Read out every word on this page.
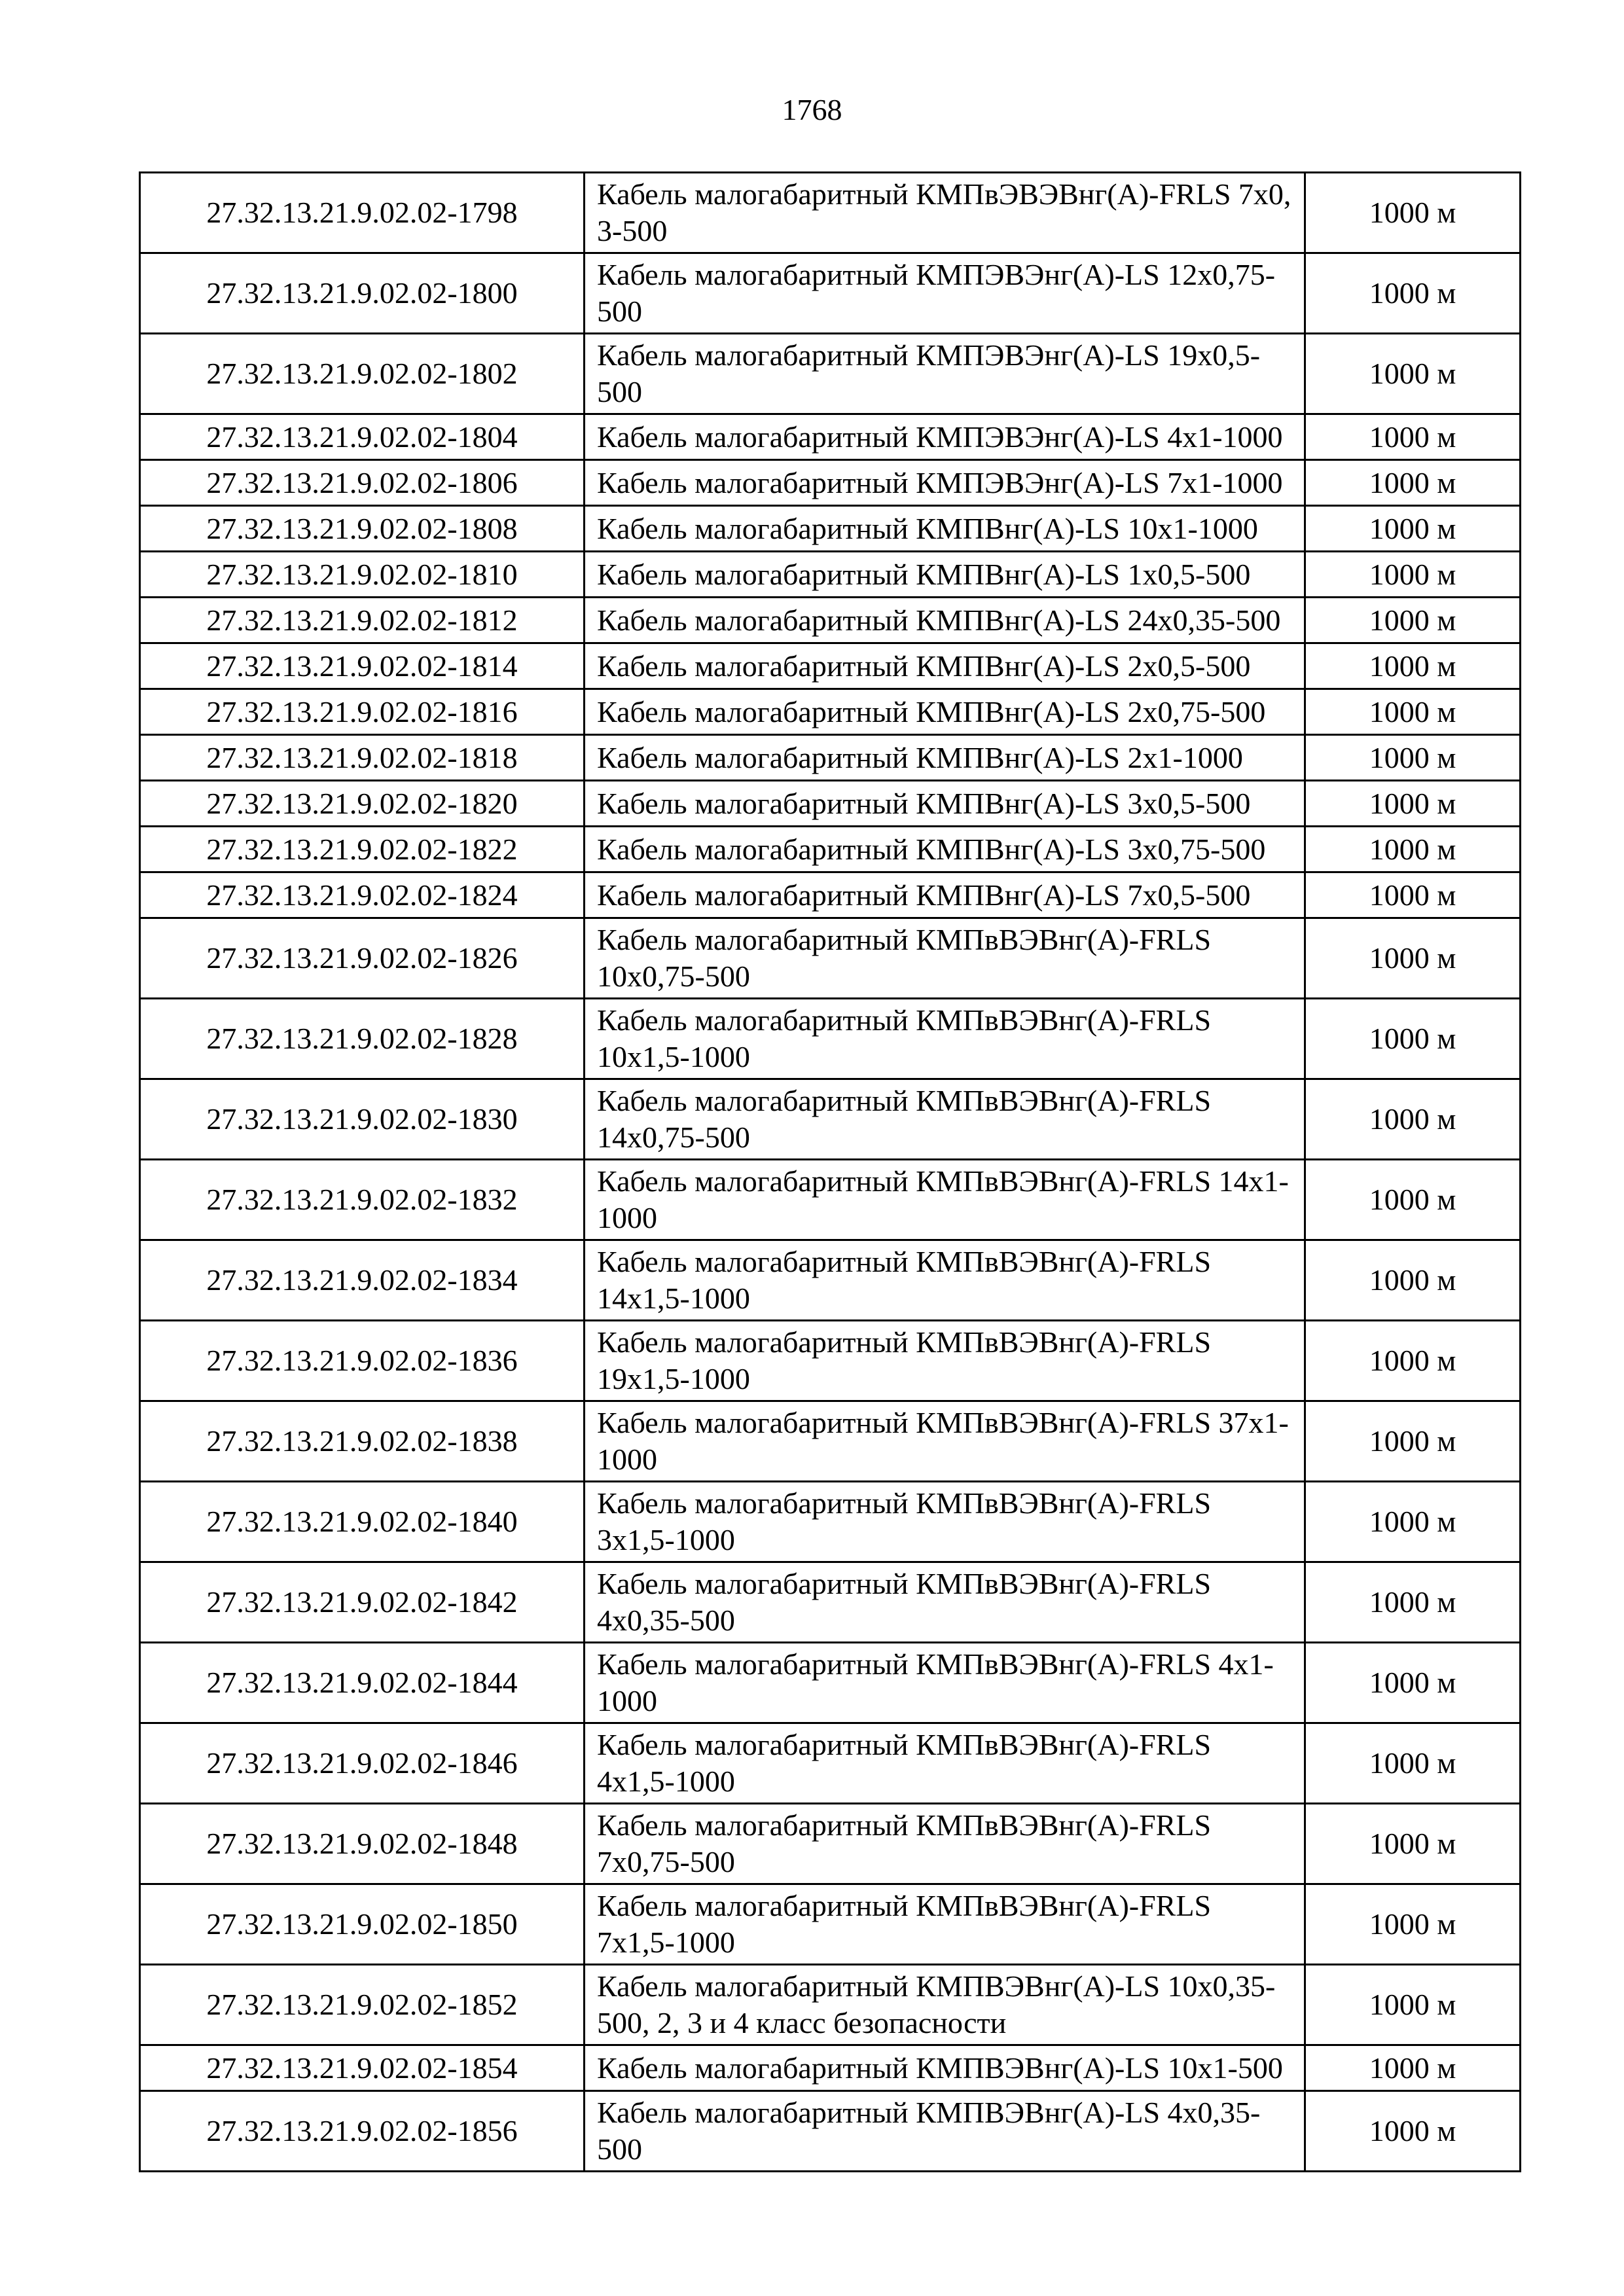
1768
27.32.13.21.9.02.02-1798	Кабель малогабаритный КМПвЭВЭВнг(А)-FRLS 7х0, 3-500	1000 м
27.32.13.21.9.02.02-1800	Кабель малогабаритный КМПЭВЭнг(А)-LS 12х0,75-500	1000 м
27.32.13.21.9.02.02-1802	Кабель малогабаритный КМПЭВЭнг(А)-LS 19х0,5-500	1000 м
27.32.13.21.9.02.02-1804	Кабель малогабаритный КМПЭВЭнг(А)-LS 4х1-1000	1000 м
27.32.13.21.9.02.02-1806	Кабель малогабаритный КМПЭВЭнг(А)-LS 7х1-1000	1000 м
27.32.13.21.9.02.02-1808	Кабель малогабаритный КМПВнг(А)-LS 10х1-1000	1000 м
27.32.13.21.9.02.02-1810	Кабель малогабаритный КМПВнг(А)-LS 1х0,5-500	1000 м
27.32.13.21.9.02.02-1812	Кабель малогабаритный КМПВнг(А)-LS 24х0,35-500	1000 м
27.32.13.21.9.02.02-1814	Кабель малогабаритный КМПВнг(А)-LS 2х0,5-500	1000 м
27.32.13.21.9.02.02-1816	Кабель малогабаритный КМПВнг(А)-LS 2х0,75-500	1000 м
27.32.13.21.9.02.02-1818	Кабель малогабаритный КМПВнг(А)-LS 2х1-1000	1000 м
27.32.13.21.9.02.02-1820	Кабель малогабаритный КМПВнг(А)-LS 3х0,5-500	1000 м
27.32.13.21.9.02.02-1822	Кабель малогабаритный КМПВнг(А)-LS 3х0,75-500	1000 м
27.32.13.21.9.02.02-1824	Кабель малогабаритный КМПВнг(А)-LS 7х0,5-500	1000 м
27.32.13.21.9.02.02-1826	Кабель малогабаритный КМПвВЭВнг(А)-FRLS 10х0,75-500	1000 м
27.32.13.21.9.02.02-1828	Кабель малогабаритный КМПвВЭВнг(А)-FRLS 10х1,5-1000	1000 м
27.32.13.21.9.02.02-1830	Кабель малогабаритный КМПвВЭВнг(А)-FRLS 14х0,75-500	1000 м
27.32.13.21.9.02.02-1832	Кабель малогабаритный КМПвВЭВнг(А)-FRLS 14х1-1000	1000 м
27.32.13.21.9.02.02-1834	Кабель малогабаритный КМПвВЭВнг(А)-FRLS 14х1,5-1000	1000 м
27.32.13.21.9.02.02-1836	Кабель малогабаритный КМПвВЭВнг(А)-FRLS 19х1,5-1000	1000 м
27.32.13.21.9.02.02-1838	Кабель малогабаритный КМПвВЭВнг(А)-FRLS 37х1-1000	1000 м
27.32.13.21.9.02.02-1840	Кабель малогабаритный КМПвВЭВнг(А)-FRLS 3х1,5-1000	1000 м
27.32.13.21.9.02.02-1842	Кабель малогабаритный КМПвВЭВнг(А)-FRLS 4х0,35-500	1000 м
27.32.13.21.9.02.02-1844	Кабель малогабаритный КМПвВЭВнг(А)-FRLS 4х1-1000	1000 м
27.32.13.21.9.02.02-1846	Кабель малогабаритный КМПвВЭВнг(А)-FRLS 4х1,5-1000	1000 м
27.32.13.21.9.02.02-1848	Кабель малогабаритный КМПвВЭВнг(А)-FRLS 7х0,75-500	1000 м
27.32.13.21.9.02.02-1850	Кабель малогабаритный КМПвВЭВнг(А)-FRLS 7х1,5-1000	1000 м
27.32.13.21.9.02.02-1852	Кабель малогабаритный КМПВЭВнг(А)-LS 10х0,35-500, 2, 3 и 4 класс безопасности	1000 м
27.32.13.21.9.02.02-1854	Кабель малогабаритный КМПВЭВнг(А)-LS 10х1-500	1000 м
27.32.13.21.9.02.02-1856	Кабель малогабаритный КМПВЭВнг(А)-LS 4х0,35-500	1000 м
